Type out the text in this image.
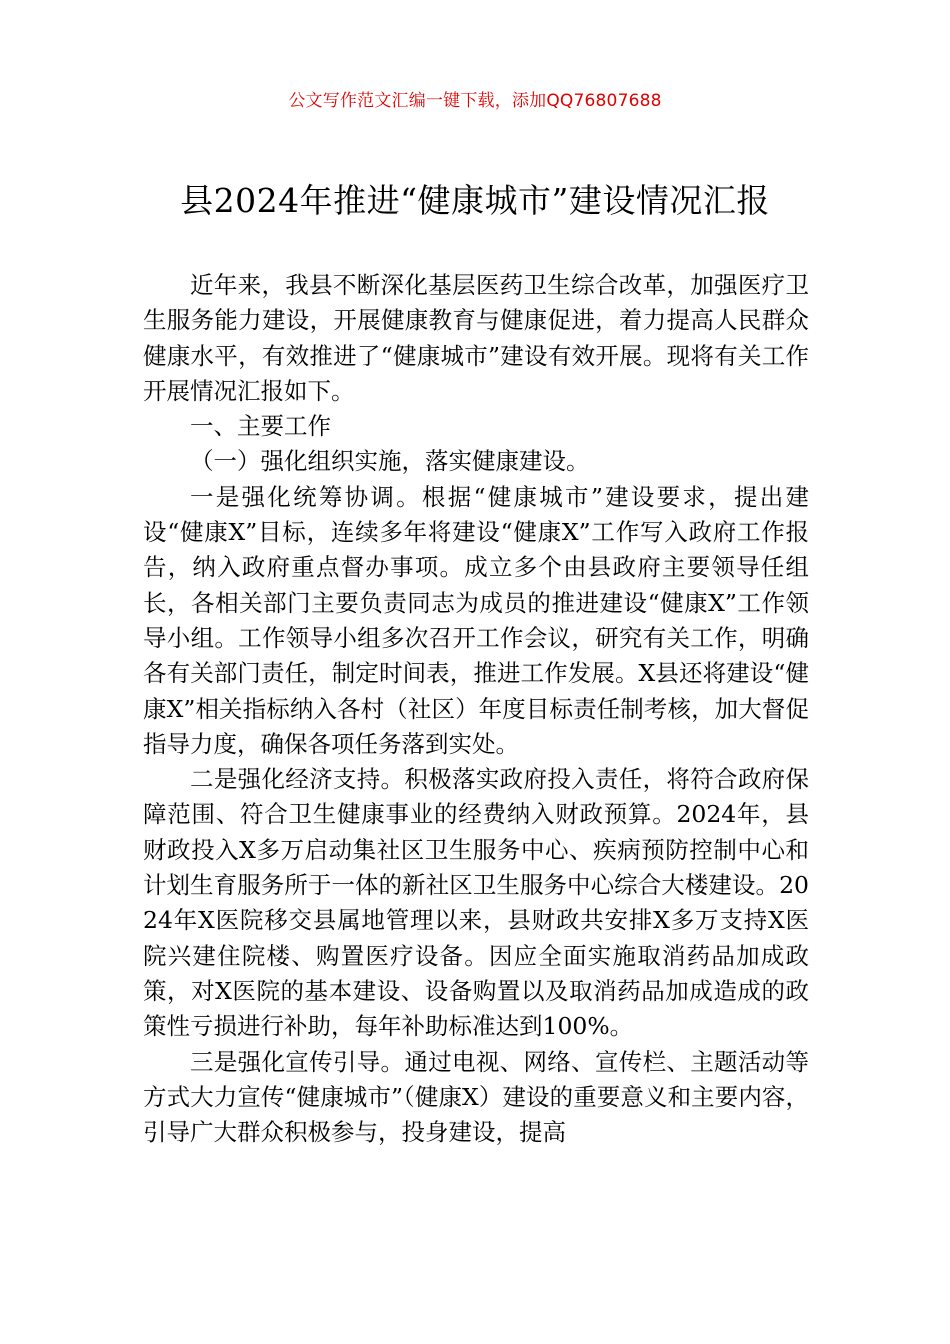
公文写作范文汇编一键下载，添加QQ76807688
县2024年推进“健康城市”建设情况汇报

近年来，我县不断深化基层医药卫生综合改革，加强医疗卫生服务能力建设，开展健康教育与健康促进，着力提高人民群众健康水平，有效推进了“健康城市”建设有效开展。现将有关工作开展情况汇报如下。

一、主要工作

（一）强化组织实施，落实健康建设。

一是强化统筹协调。根据“健康城市”建设要求，提出建设“健康X”目标，连续多年将建设“健康X”工作写入政府工作报告，纳入政府重点督办事项。成立多个由县政府主要领导任组长，各相关部门主要负责同志为成员的推进建设“健康X”工作领导小组。工作领导小组多次召开工作会议，研究有关工作，明确各有关部门责任，制定时间表，推进工作发展。X县还将建设“健康X”相关指标纳入各村（社区）年度目标责任制考核，加大督促指导力度，确保各项任务落到实处。

二是强化经济支持。积极落实政府投入责任，将符合政府保障范围、符合卫生健康事业的经费纳入财政预算。2024年，县财政投入X多万启动集社区卫生服务中心、疾病预防控制中心和计划生育服务所于一体的新社区卫生服务中心综合大楼建设。2024年X医院移交县属地管理以来，县财政共安排X多万支持X医院兴建住院楼、购置医疗设备。因应全面实施取消药品加成政策，对X医院的基本建设、设备购置以及取消药品加成造成的政策性亏损进行补助，每年补助标准达到100%。

三是强化宣传引导。通过电视、网络、宣传栏、主题活动等方式大力宣传“健康城市”（健康X）建设的重要意义和主要内容，引导广大群众积极参与，投身建设，提高
